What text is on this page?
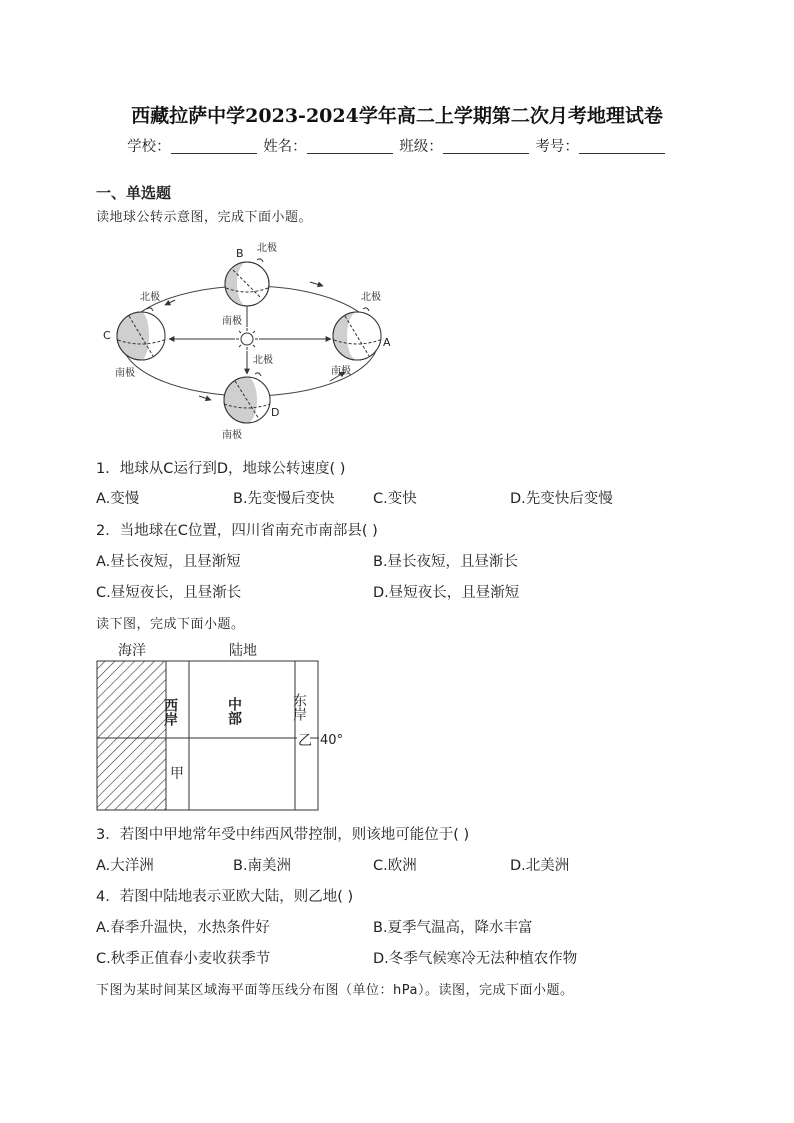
西藏拉萨中学2023-2024学年高二上学期第二次月考地理试卷
学校：	姓名：	班级：	考号：
一、单选题
读地球公转示意图，完成下面小题。
B 北极
南极
C
北极
南极
A
北极
南极
D
北极
南极
1．地球从C运行到D，地球公转速度( )
A.变慢	B.先变慢后变快	C.变快	D.先变快后变慢
2．当地球在C位置，四川省南充市南部县( )
A.昼长夜短，且昼渐短	B.昼长夜短，且昼渐长
C.昼短夜长，且昼渐长	D.昼短夜长，且昼渐短
读下图，完成下面小题。
海洋	陆地
西岸	中部	东岸
甲
乙 40°
3．若图中甲地常年受中纬西风带控制，则该地可能位于( )
A.大洋洲	B.南美洲	C.欧洲	D.北美洲
4．若图中陆地表示亚欧大陆，则乙地( )
A.春季升温快，水热条件好	B.夏季气温高，降水丰富
C.秋季正值春小麦收获季节	D.冬季气候寒冷无法种植农作物
下图为某时间某区域海平面等压线分布图（单位：hPa）。读图，完成下面小题。
